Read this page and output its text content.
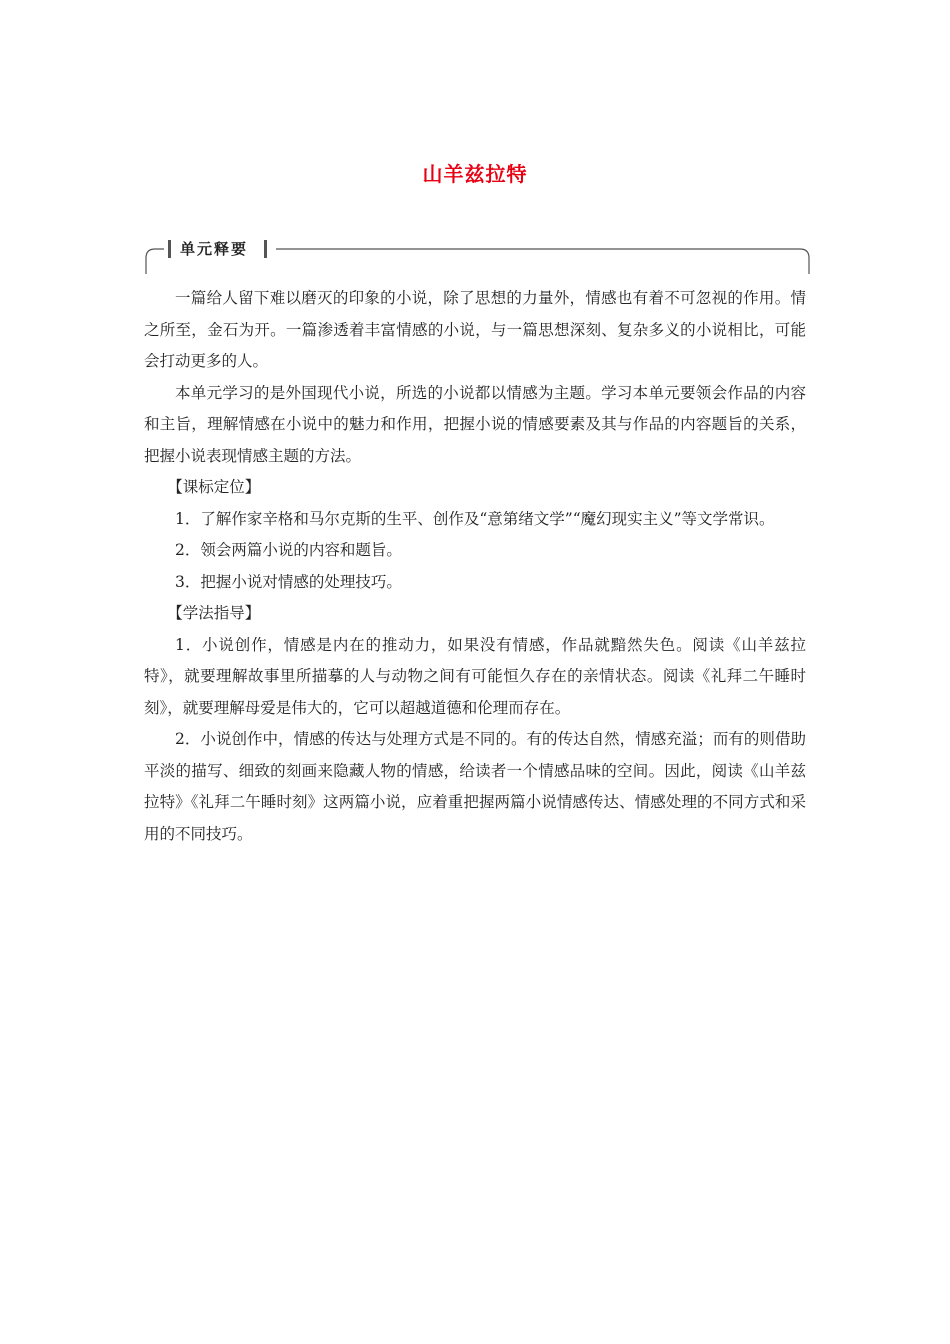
山羊兹拉特
单元释要

一篇给人留下难以磨灭的印象的小说，除了思想的力量外，情感也有着不可忽视的作用。情之所至，金石为开。一篇渗透着丰富情感的小说，与一篇思想深刻、复杂多义的小说相比，可能会打动更多的人。

本单元学习的是外国现代小说，所选的小说都以情感为主题。学习本单元要领会作品的内容和主旨，理解情感在小说中的魅力和作用，把握小说的情感要素及其与作品的内容题旨的关系，把握小说表现情感主题的方法。

【课标定位】

1．了解作家辛格和马尔克斯的生平、创作及“意第绪文学”“魔幻现实主义”等文学常识。

2．领会两篇小说的内容和题旨。

3．把握小说对情感的处理技巧。

【学法指导】

1．小说创作，情感是内在的推动力，如果没有情感，作品就黯然失色。阅读《山羊兹拉特》，就要理解故事里所描摹的人与动物之间有可能恒久存在的亲情状态。阅读《礼拜二午睡时刻》，就要理解母爱是伟大的，它可以超越道德和伦理而存在。

2．小说创作中，情感的传达与处理方式是不同的。有的传达自然，情感充溢；而有的则借助平淡的描写、细致的刻画来隐藏人物的情感，给读者一个情感品味的空间。因此，阅读《山羊兹拉特》《礼拜二午睡时刻》这两篇小说，应着重把握两篇小说情感传达、情感处理的不同方式和采用的不同技巧。
